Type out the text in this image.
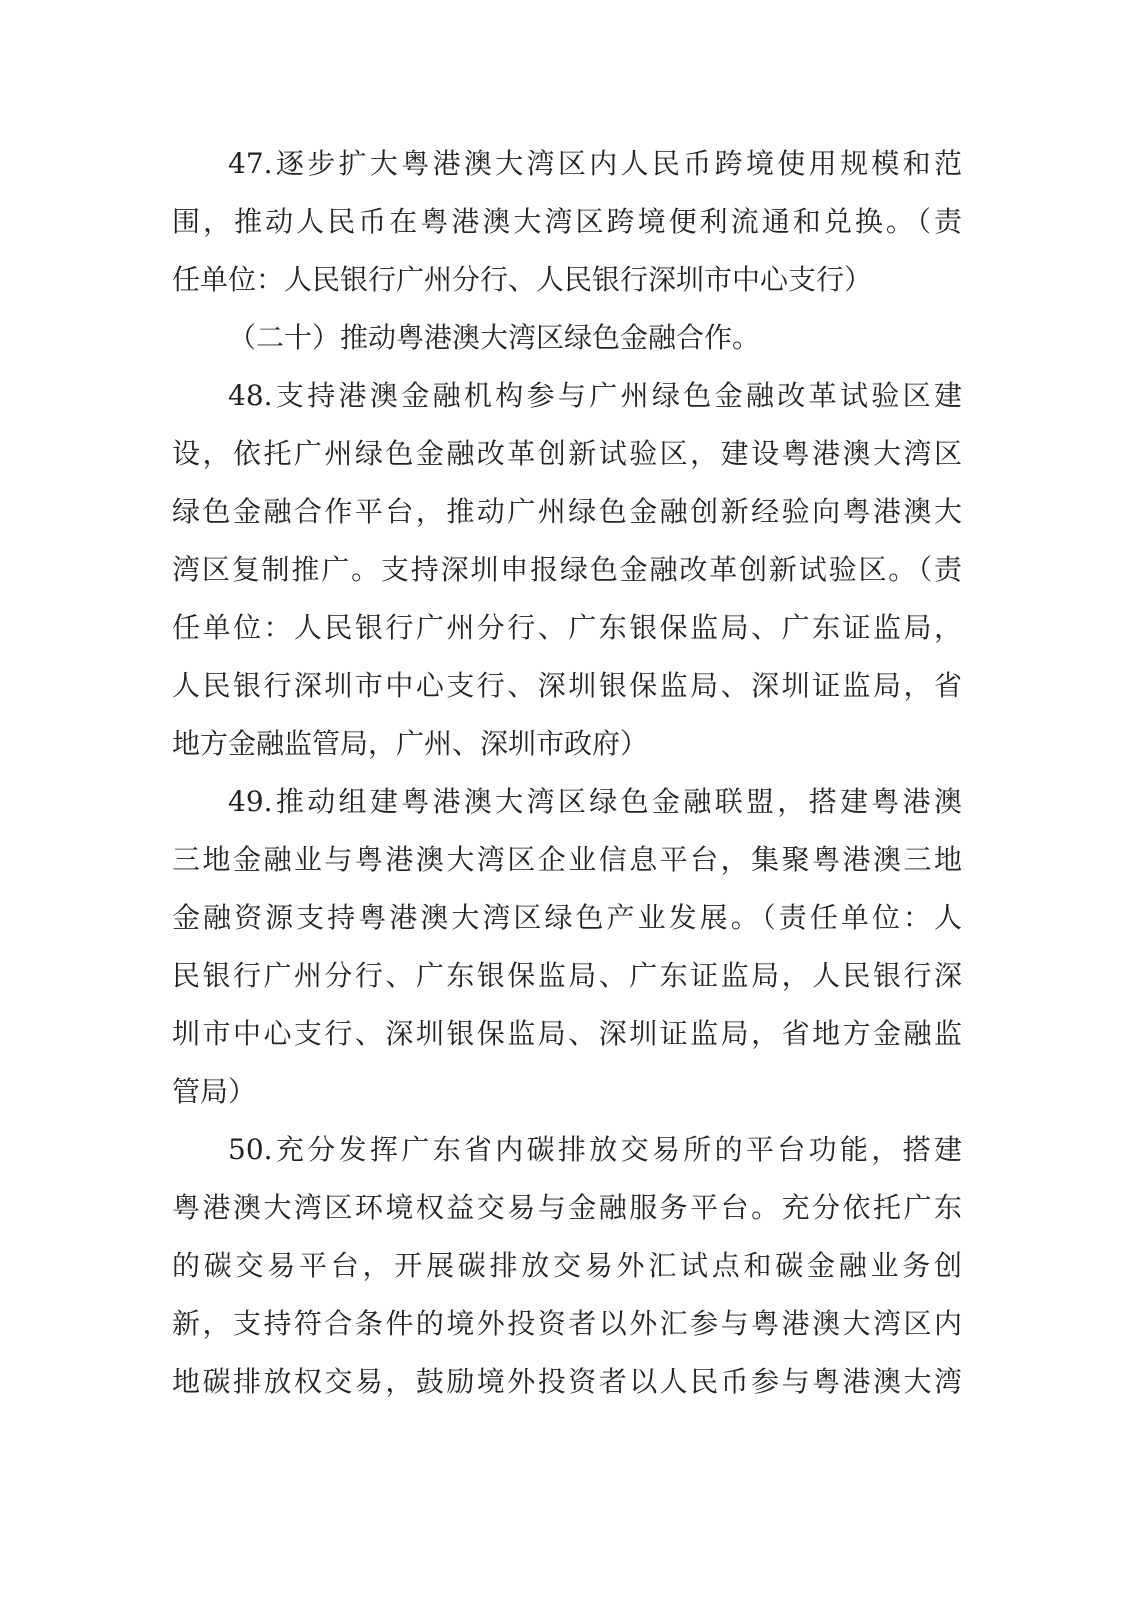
47.逐步扩大粤港澳大湾区内人民币跨境使用规模和范
围，推动人民币在粤港澳大湾区跨境便利流通和兑换。（责
任单位：人民银行广州分行、人民银行深圳市中心支行）
（二十）推动粤港澳大湾区绿色金融合作。
48.支持港澳金融机构参与广州绿色金融改革试验区建
设，依托广州绿色金融改革创新试验区，建设粤港澳大湾区
绿色金融合作平台，推动广州绿色金融创新经验向粤港澳大
湾区复制推广。支持深圳申报绿色金融改革创新试验区。（责
任单位：人民银行广州分行、广东银保监局、广东证监局，
人民银行深圳市中心支行、深圳银保监局、深圳证监局，省
地方金融监管局，广州、深圳市政府）
49.推动组建粤港澳大湾区绿色金融联盟，搭建粤港澳
三地金融业与粤港澳大湾区企业信息平台，集聚粤港澳三地
金融资源支持粤港澳大湾区绿色产业发展。（责任单位：人
民银行广州分行、广东银保监局、广东证监局，人民银行深
圳市中心支行、深圳银保监局、深圳证监局，省地方金融监
管局）
50.充分发挥广东省内碳排放交易所的平台功能，搭建
粤港澳大湾区环境权益交易与金融服务平台。充分依托广东
的碳交易平台，开展碳排放交易外汇试点和碳金融业务创
新，支持符合条件的境外投资者以外汇参与粤港澳大湾区内
地碳排放权交易，鼓励境外投资者以人民币参与粤港澳大湾
